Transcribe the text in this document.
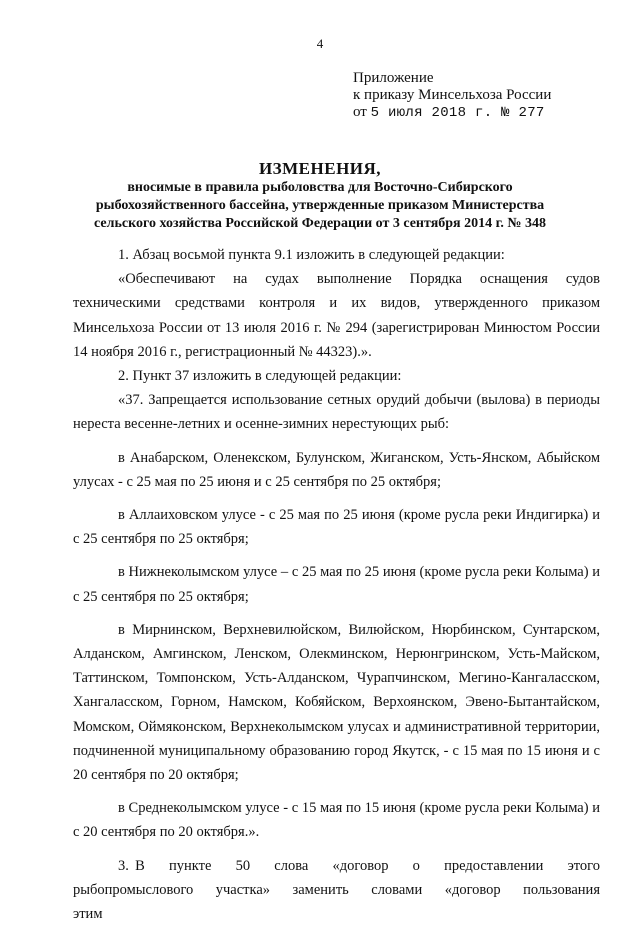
4
Приложение
к приказу Минсельхоза России
от 5 июля 2018 г. № 277
ИЗМЕНЕНИЯ,
вносимые в правила рыболовства для Восточно-Сибирского
рыбохозяйственного бассейна, утвержденные приказом Министерства
сельского хозяйства Российской Федерации от 3 сентября 2014 г. № 348

1. Абзац восьмой пункта 9.1 изложить в следующей редакции:

«Обеспечивают на судах выполнение Порядка оснащения судов техническими средствами контроля и их видов, утвержденного приказом Минсельхоза России от 13 июля 2016 г. № 294 (зарегистрирован Минюстом России 14 ноября 2016 г., регистрационный № 44323).».

2. Пункт 37 изложить в следующей редакции:

«37. Запрещается использование сетных орудий добычи (вылова) в периоды нереста весенне-летних и осенне-зимних нерестующих рыб:

в Анабарском, Оленекском, Булунском, Жиганском, Усть-Янском, Абыйском улусах - с 25 мая по 25 июня и с 25 сентября по 25 октября;

в Аллаиховском улусе - с 25 мая по 25 июня (кроме русла реки Индигирка) и с 25 сентября по 25 октября;

в Нижнеколымском улусе – с 25 мая по 25 июня (кроме русла реки Колыма) и с 25 сентября по 25 октября;

в Мирнинском, Верхневилюйском, Вилюйском, Нюрбинском, Сунтарском, Алданском, Амгинском, Ленском, Олекминском, Нерюнгринском, Усть-Майском, Таттинском, Томпонском, Усть-Алданском, Чурапчинском, Мегино-Кангаласском, Хангаласском, Горном, Намском, Кобяйском, Верхоянском, Эвено-Бытантайском, Момском, Оймяконском, Верхнеколымском улусах и административной территории, подчиненной муниципальному образованию город Якутск, - с 15 мая по 15 июня и с 20 сентября по 20 октября;

в Среднеколымском улусе - с 15 мая по 15 июня (кроме русла реки Колыма) и с 20 сентября по 20 октября.».

3. В пункте 50 слова «договор о предоставлении этого рыбопромыслового участка» заменить словами «договор пользования этим
